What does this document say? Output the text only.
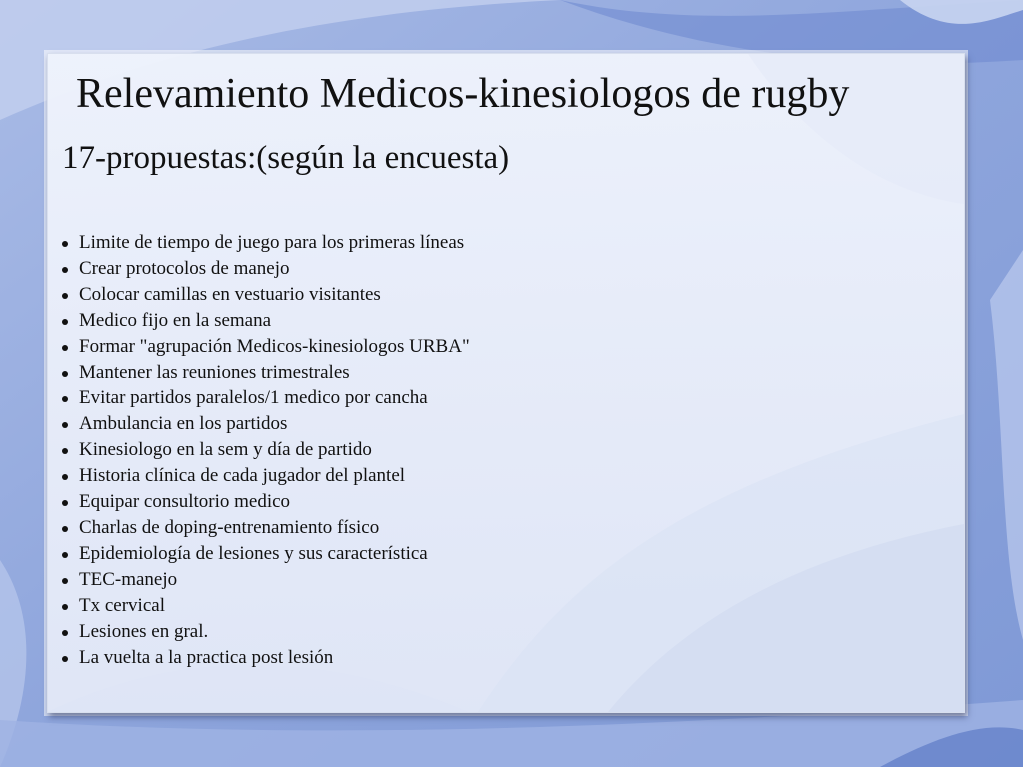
Relevamiento Medicos-kinesiologos de rugby
17-propuestas:(según la encuesta)
Limite de tiempo de juego para los primeras líneas
Crear protocolos de manejo
Colocar camillas en vestuario visitantes
Medico fijo en la semana
Formar "agrupación Medicos-kinesiologos URBA"
Mantener las reuniones trimestrales
Evitar partidos paralelos/1 medico por cancha
Ambulancia en los partidos
Kinesiologo en la sem y día de partido
Historia clínica de cada jugador del plantel
Equipar consultorio medico
Charlas de doping-entrenamiento físico
Epidemiología de lesiones y sus característica
TEC-manejo
Tx cervical
Lesiones en gral.
La vuelta a la practica post lesión
